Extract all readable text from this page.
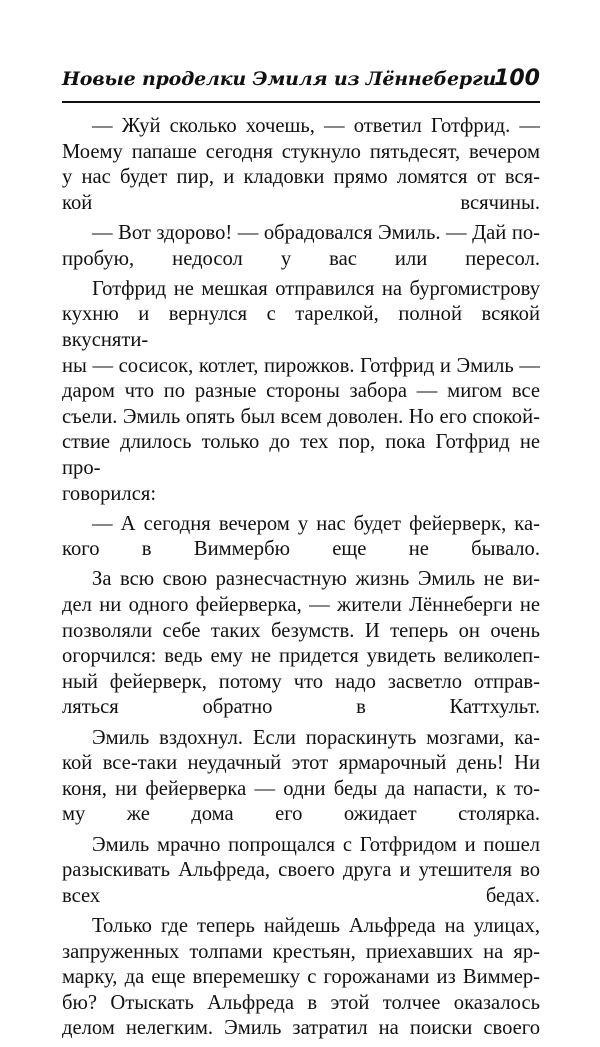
Новые проделки Эмиля из Лённеберги
100

— Жуй сколько хочешь, — ответил Готфрид. —
Моему папаше сегодня стукнуло пятьдесят, вечером
у нас будет пир, и кладовки прямо ломятся от вся-
кой всячины.

— Вот здорово! — обрадовался Эмиль. — Дай по-
пробую, недосол у вас или пересол.

Готфрид не мешкая отправился на бургомистрову
кухню и вернулся с тарелкой, полной всякой вкусняти-
ны — сосисок, котлет, пирожков. Готфрид и Эмиль —
даром что по разные стороны забора — мигом все
съели. Эмиль опять был всем доволен. Но его спокой-
ствие длилось только до тех пор, пока Готфрид не про-
говорился:

— А сегодня вечером у нас будет фейерверк, ка-
кого в Виммербю еще не бывало.

За всю свою разнесчастную жизнь Эмиль не ви-
дел ни одного фейерверка, — жители Лённеберги не
позволяли себе таких безумств. И теперь он очень
огорчился: ведь ему не придется увидеть великолеп-
ный фейерверк, потому что надо засветло отправ-
ляться обратно в Каттхульт.

Эмиль вздохнул. Если пораскинуть мозгами, ка-
кой все-таки неудачный этот ярмарочный день! Ни
коня, ни фейерверка — одни беды да напасти, к то-
му же дома его ожидает столярка.

Эмиль мрачно попрощался с Готфридом и пошел
разыскивать Альфреда, своего друга и утешителя во
всех бедах.

Только где теперь найдешь Альфреда на улицах,
запруженных толпами крестьян, приехавших на яр-
марку, да еще вперемешку с горожанами из Виммер-
бю? Отыскать Альфреда в этой толчее оказалось
делом нелегким. Эмиль затратил на поиски своего
